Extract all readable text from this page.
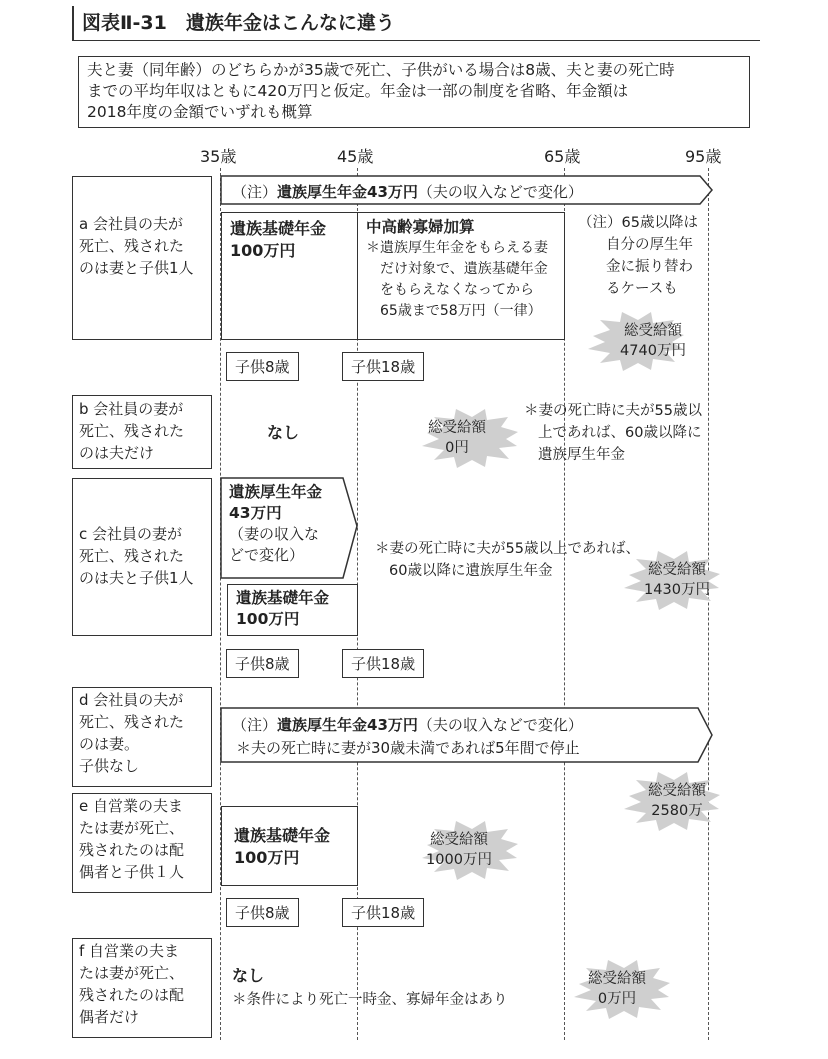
図表Ⅱ-31　遺族年金はこんなに違う
夫と妻（同年齢）のどちらかが35歳で死亡、子供がいる場合は8歳、夫と妻の死亡時
までの平均年収はともに420万円と仮定。年金は一部の制度を省略、年金額は
2018年度の金額でいずれも概算
35歳	45歳	65歳	95歳
a 会社員の夫が
死亡、残された
のは妻と子供1人
（注）遺族厚生年金43万円（夫の収入などで変化）
遺族基礎年金
100万円
中高齢寡婦加算
＊遺族厚生年金をもらえる妻
だけ対象で、遺族基礎年金
をもらえなくなってから
65歳まで58万円（一律）
（注）65歳以降は
自分の厚生年
金に振り替わ
るケースも
総受給額
4740万円
子供8歳	子供18歳
b 会社員の妻が
死亡、残された
のは夫だけ
なし	総受給額
0円
＊妻の死亡時に夫が55歳以
上であれば、60歳以降に
遺族厚生年金
c 会社員の妻が
死亡、残された
のは夫と子供1人
遺族厚生年金
43万円
（妻の収入な
どで変化）
遺族基礎年金
100万円
＊妻の死亡時に夫が55歳以上であれば、
60歳以降に遺族厚生年金	総受給額
1430万円
子供8歳	子供18歳
d 会社員の夫が
死亡、残された
のは妻。
子供なし
（注）遺族厚生年金43万円（夫の収入などで変化）
＊夫の死亡時に妻が30歳未満であれば5年間で停止
総受給額
2580万
e 自営業の夫ま
たは妻が死亡、
残されたのは配
偶者と子供１人
遺族基礎年金
100万円
総受給額
1000万円
子供8歳	子供18歳
f 自営業の夫ま
たは妻が死亡、
残されたのは配
偶者だけ
なし
＊条件により死亡一時金、寡婦年金はあり
総受給額
0万円
